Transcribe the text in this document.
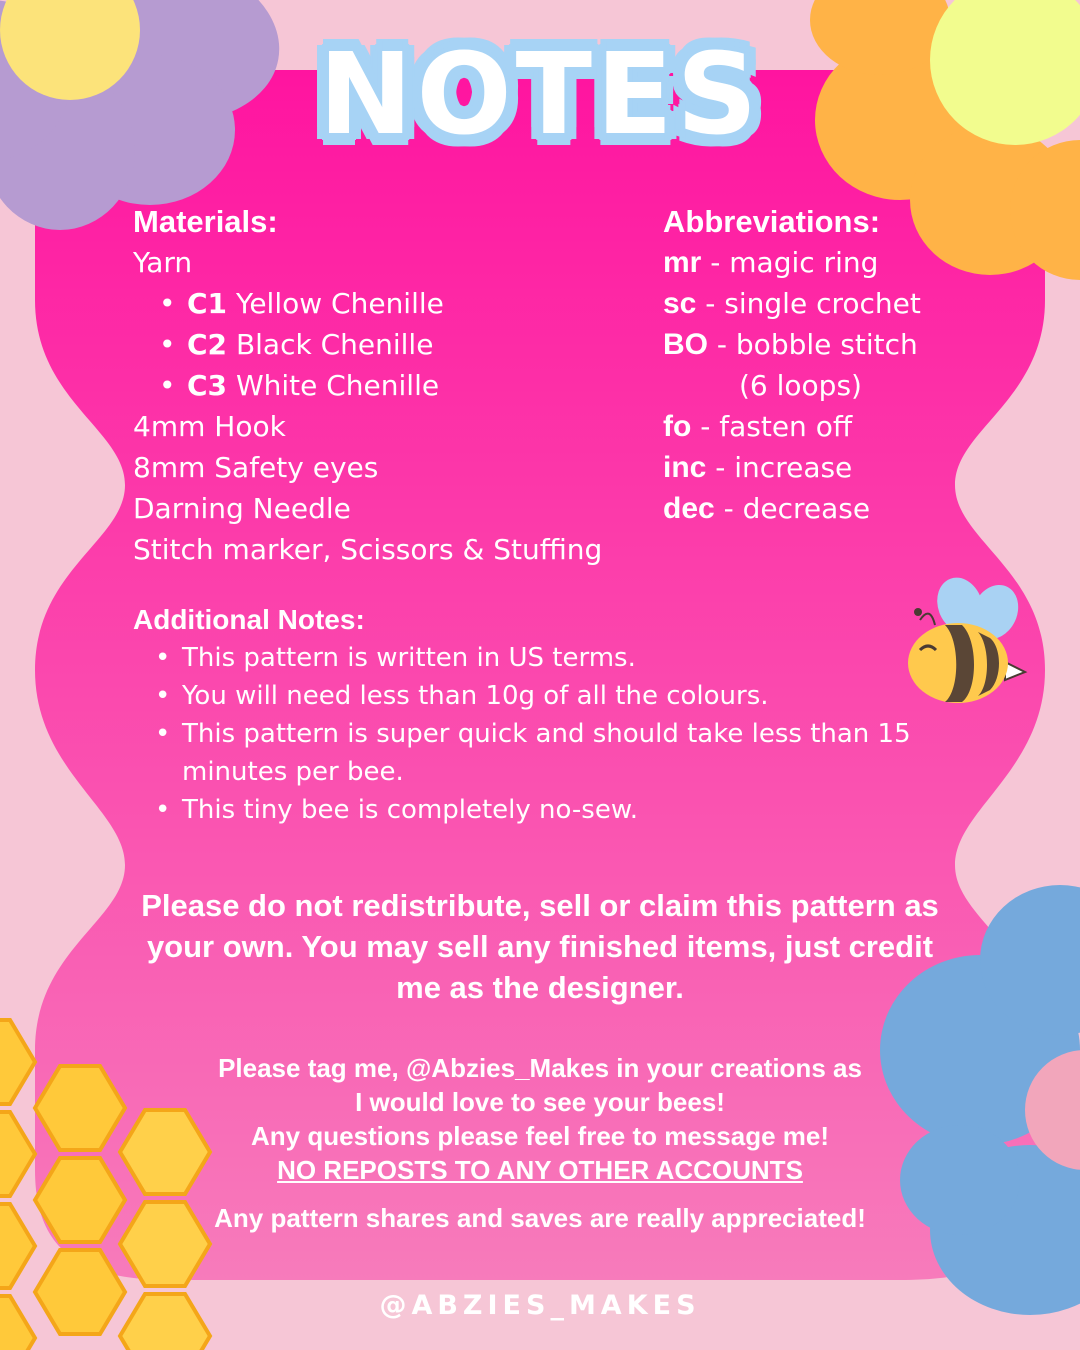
NOTES
Materials:
Yarn
• C1 Yellow Chenille
• C2 Black Chenille
• C3 White Chenille
4mm Hook
8mm Safety eyes
Darning Needle
Stitch marker, Scissors & Stuffing
Abbreviations:
mr - magic ring
sc - single crochet
BO - bobble stitch
(6 loops)
fo - fasten off
inc - increase
dec - decrease
Additional Notes:
• This pattern is written in US terms.
• You will need less than 10g of all the colours.
• This pattern is super quick and should take less than 15
minutes per bee.
• This tiny bee is completely no-sew.
Please do not redistribute, sell or claim this pattern as
your own. You may sell any finished items, just credit
me as the designer.
Please tag me, @Abzies_Makes in your creations as
I would love to see your bees!
Any questions please feel free to message me!
NO REPOSTS TO ANY OTHER ACCOUNTS
Any pattern shares and saves are really appreciated!
@ABZIES_MAKES
